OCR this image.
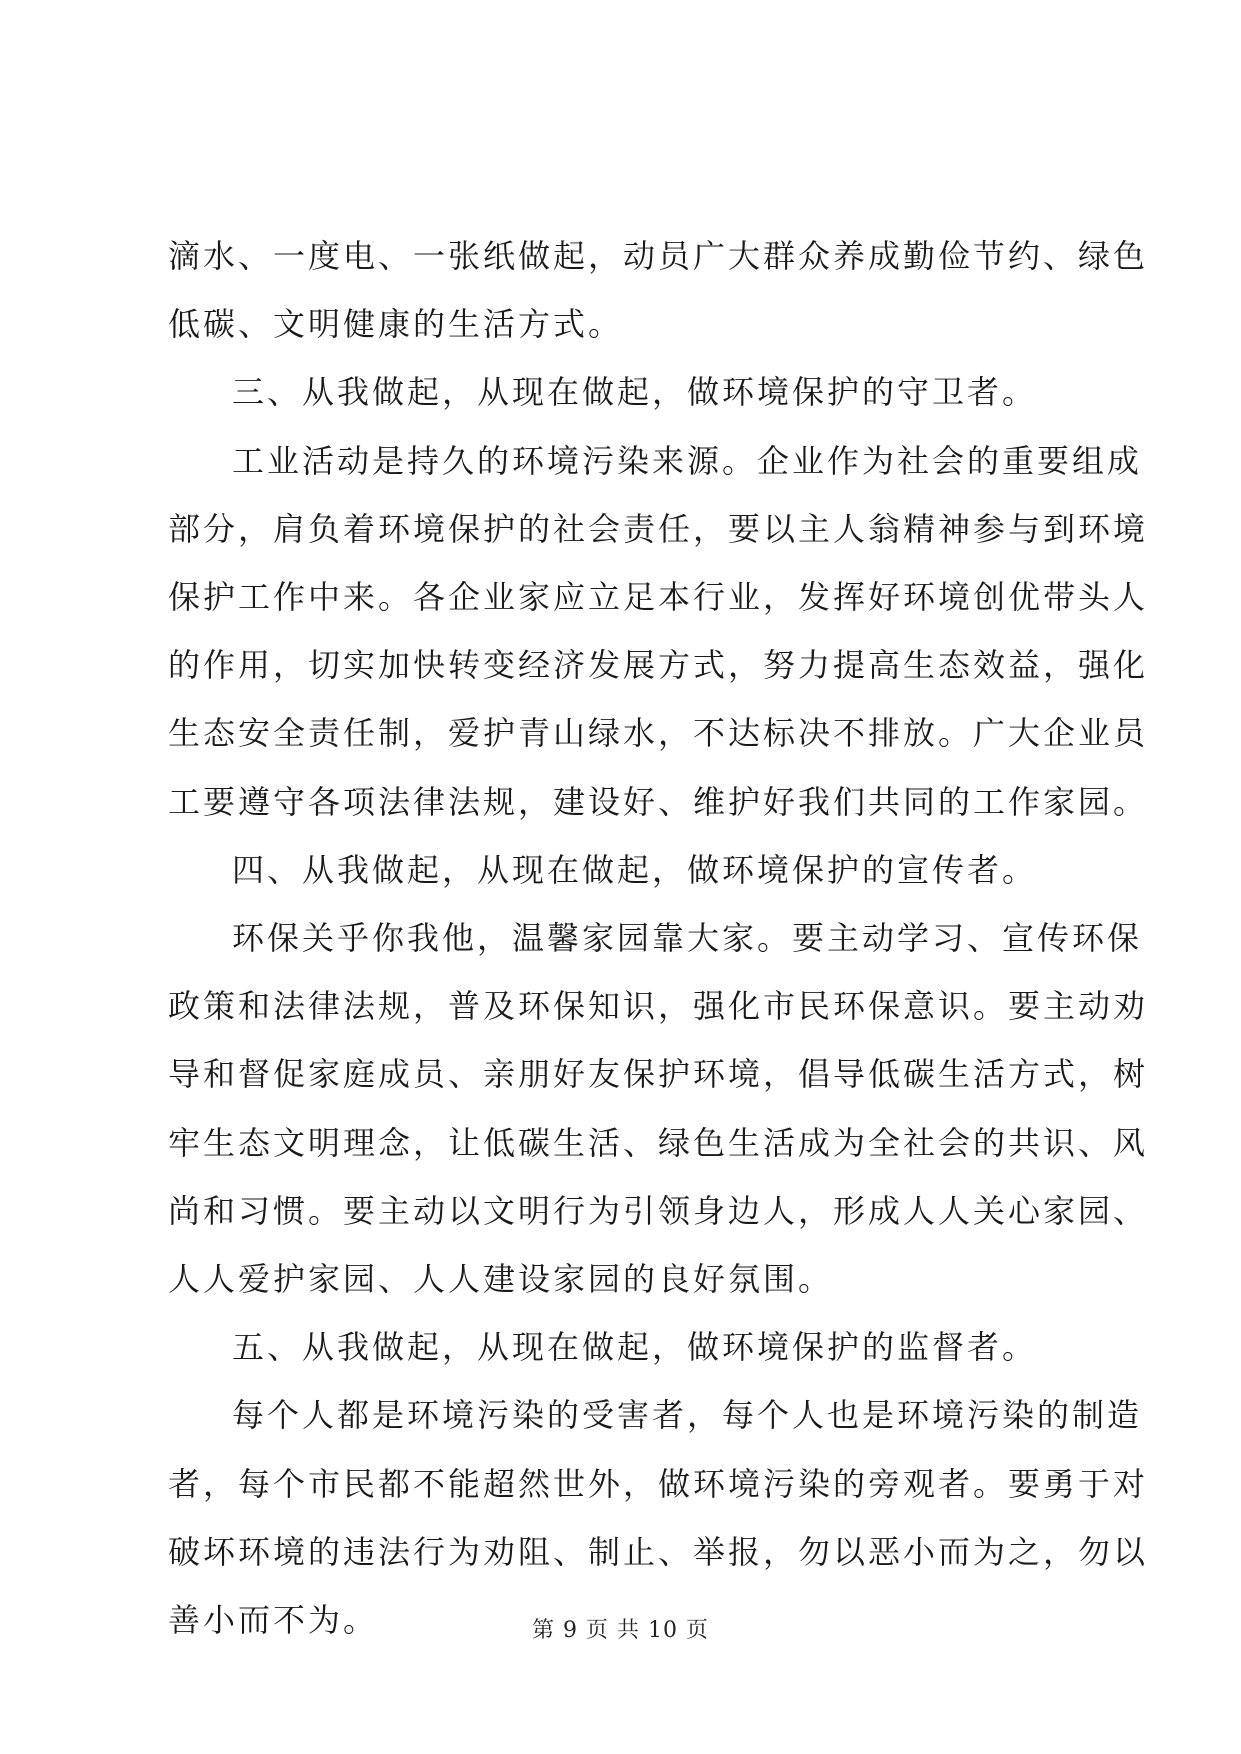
滴水、一度电、一张纸做起，动员广大群众养成勤俭节约、绿色
低碳、文明健康的生活方式。
三、从我做起，从现在做起，做环境保护的守卫者。
工业活动是持久的环境污染来源。企业作为社会的重要组成
部分，肩负着环境保护的社会责任，要以主人翁精神参与到环境
保护工作中来。各企业家应立足本行业，发挥好环境创优带头人
的作用，切实加快转变经济发展方式，努力提高生态效益，强化
生态安全责任制，爱护青山绿水，不达标决不排放。广大企业员
工要遵守各项法律法规，建设好、维护好我们共同的工作家园。
四、从我做起，从现在做起，做环境保护的宣传者。
环保关乎你我他，温馨家园靠大家。要主动学习、宣传环保
政策和法律法规，普及环保知识，强化市民环保意识。要主动劝
导和督促家庭成员、亲朋好友保护环境，倡导低碳生活方式，树
牢生态文明理念，让低碳生活、绿色生活成为全社会的共识、风
尚和习惯。要主动以文明行为引领身边人，形成人人关心家园、
人人爱护家园、人人建设家园的良好氛围。
五、从我做起，从现在做起，做环境保护的监督者。
每个人都是环境污染的受害者，每个人也是环境污染的制造
者，每个市民都不能超然世外，做环境污染的旁观者。要勇于对
破坏环境的违法行为劝阻、制止、举报，勿以恶小而为之，勿以
善小而不为。	第 9 页 共 10 页
